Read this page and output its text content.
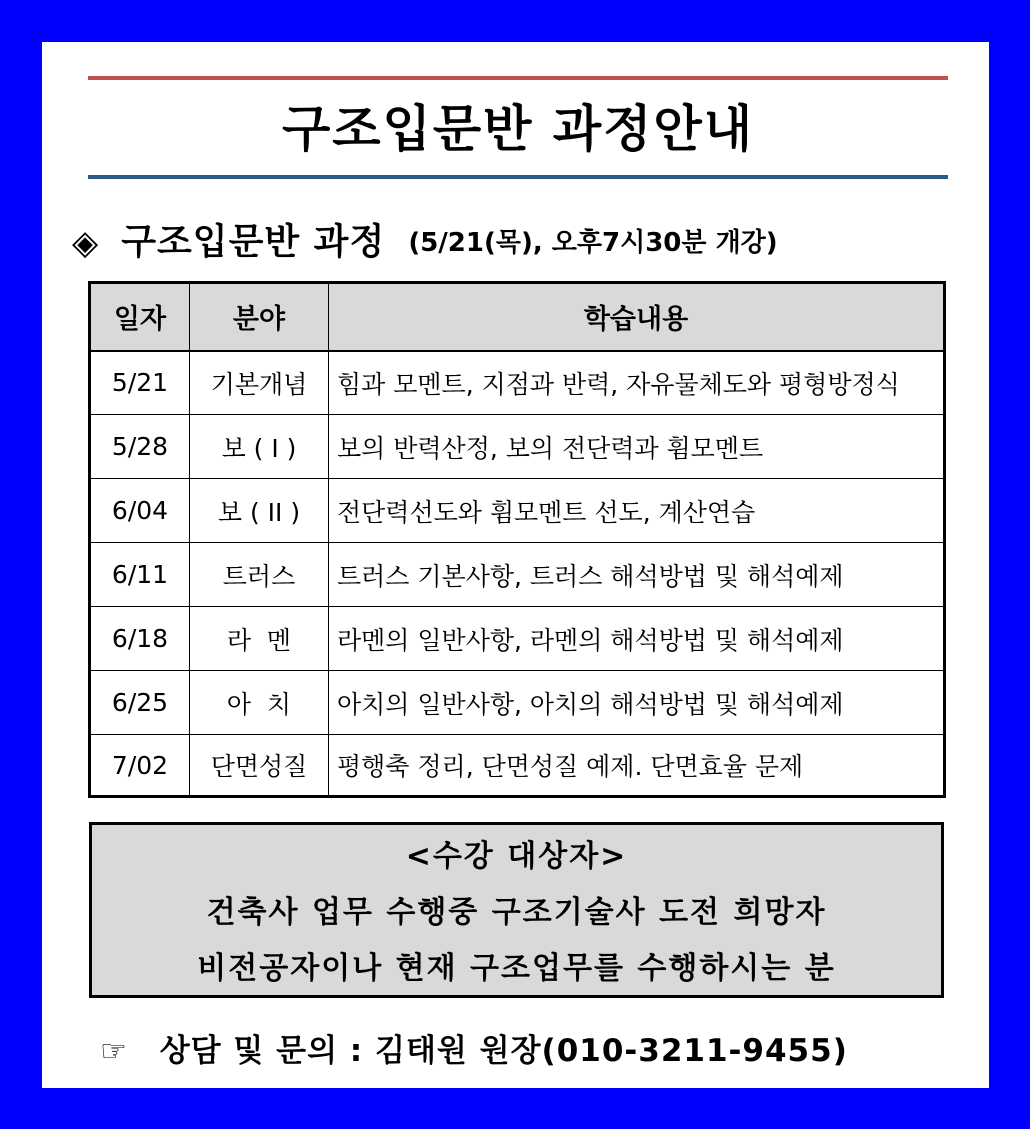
구조입문반 과정안내
◈ 구조입문반 과정 (5/21(목), 오후7시30분 개강)
일자	분야	학습내용
5/21	기본개념	힘과 모멘트, 지점과 반력, 자유물체도와 평형방정식
5/28	보 ( I )	보의 반력산정, 보의 전단력과 휨모멘트
6/04	보 ( II )	전단력선도와 휨모멘트 선도, 계산연습
6/11	트러스	트러스 기본사항, 트러스 해석방법 및 해석예제
6/18	라  멘	라멘의 일반사항, 라멘의 해석방법 및 해석예제
6/25	아  치	아치의 일반사항, 아치의 해석방법 및 해석예제
7/02	단면성질	평행축 정리, 단면성질 예제. 단면효율 문제
<수강 대상자>
건축사 업무 수행중 구조기술사 도전 희망자
비전공자이나 현재 구조업무를 수행하시는 분
☞ 상담 및 문의 : 김태원 원장(010-3211-9455)
